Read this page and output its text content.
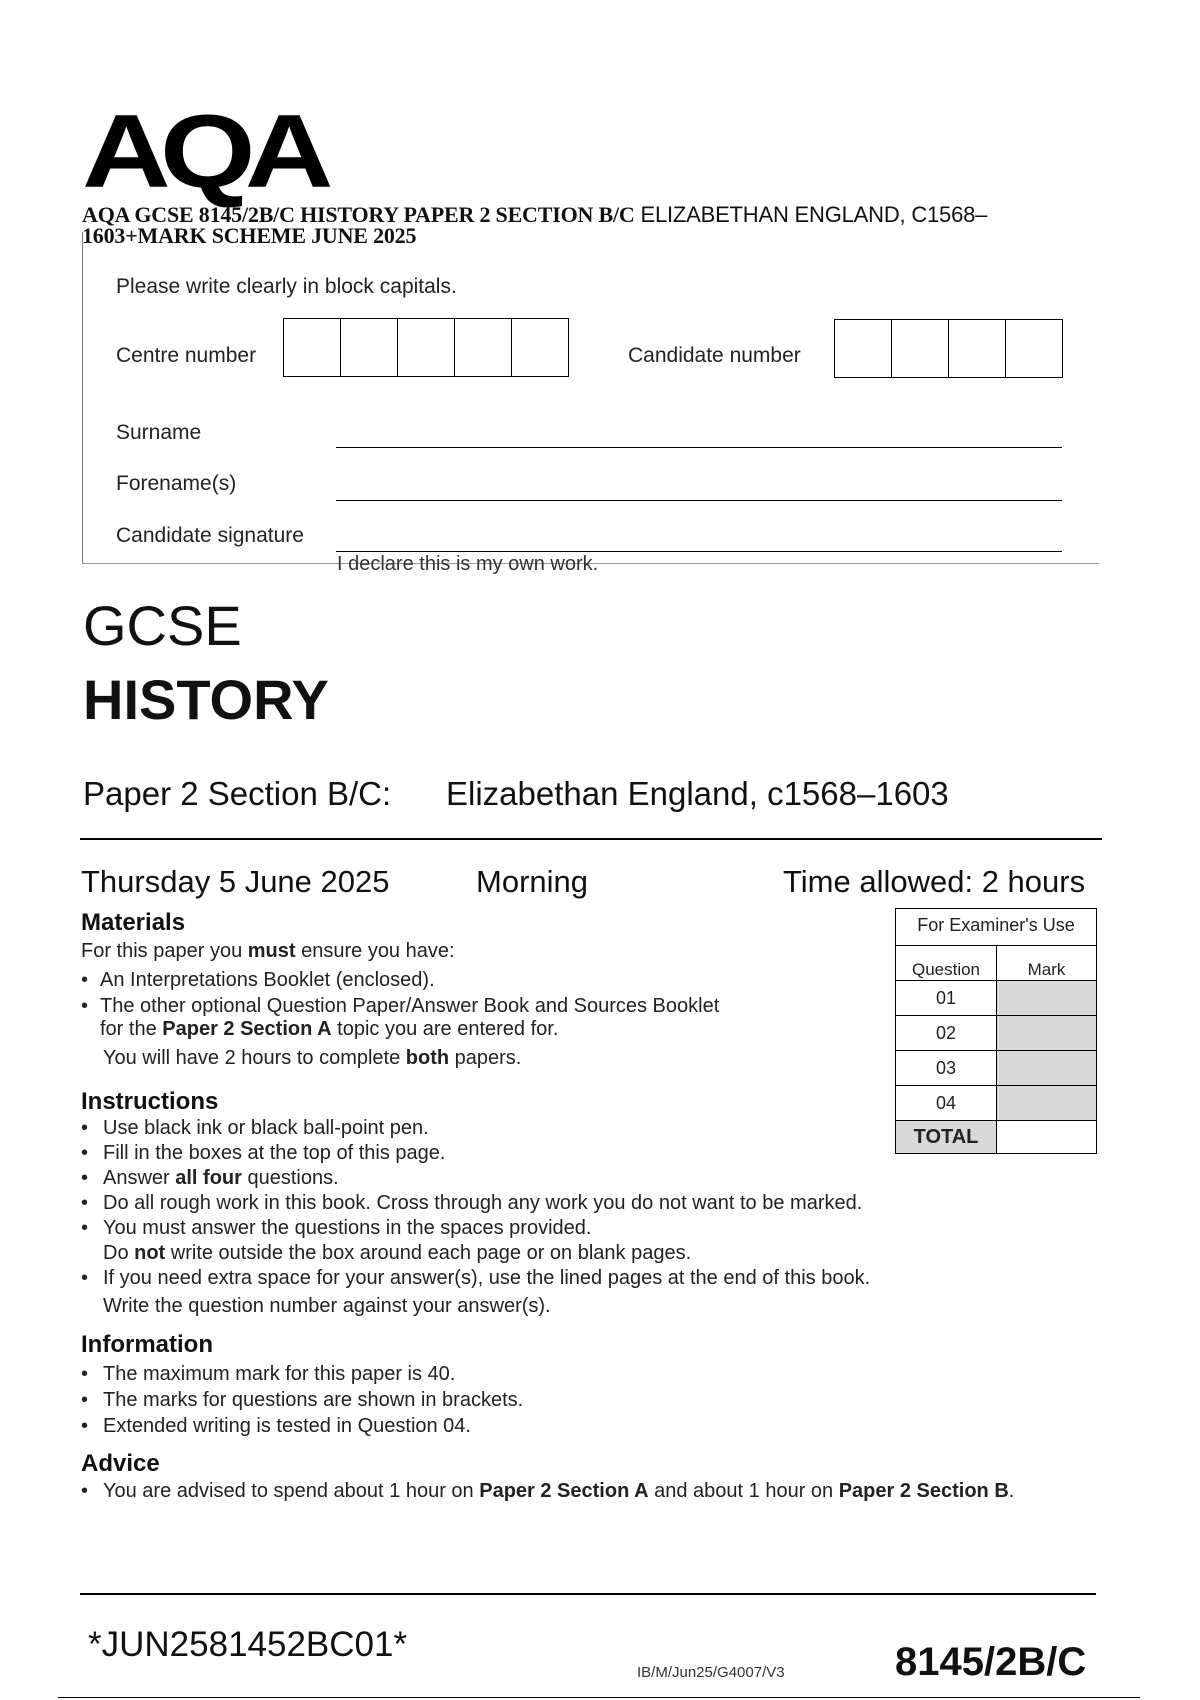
AQA
AQA GCSE 8145/2B/C HISTORY PAPER 2 SECTION B/C ELIZABETHAN ENGLAND, C1568–
1603+MARK SCHEME JUNE 2025
Please write clearly in block capitals.
Centre number	Candidate number
Surname
Forename(s)
Candidate signature
I declare this is my own work.
GCSE
HISTORY
Paper 2 Section B/C: Elizabethan England, c1568–1603
Thursday 5 June 2025	Morning	Time allowed: 2 hours
Materials
For this paper you must ensure you have:
• An Interpretations Booklet (enclosed).
• The other optional Question Paper/Answer Book and Sources Booklet
for the Paper 2 Section A topic you are entered for.
You will have 2 hours to complete both papers.
Instructions
• Use black ink or black ball-point pen.
• Fill in the boxes at the top of this page.
• Answer all four questions.
• Do all rough work in this book. Cross through any work you do not want to be marked.
• You must answer the questions in the spaces provided.
Do not write outside the box around each page or on blank pages.
• If you need extra space for your answer(s), use the lined pages at the end of this book.
Write the question number against your answer(s).
Information
• The maximum mark for this paper is 40.
• The marks for questions are shown in brackets.
• Extended writing is tested in Question 04.
Advice
• You are advised to spend about 1 hour on Paper 2 Section A and about 1 hour on Paper 2 Section B.
For Examiner's Use
Question	Mark
01
02
03
04
TOTAL
*JUN2581452BC01*
IB/M/Jun25/G4007/V3	8145/2B/C
